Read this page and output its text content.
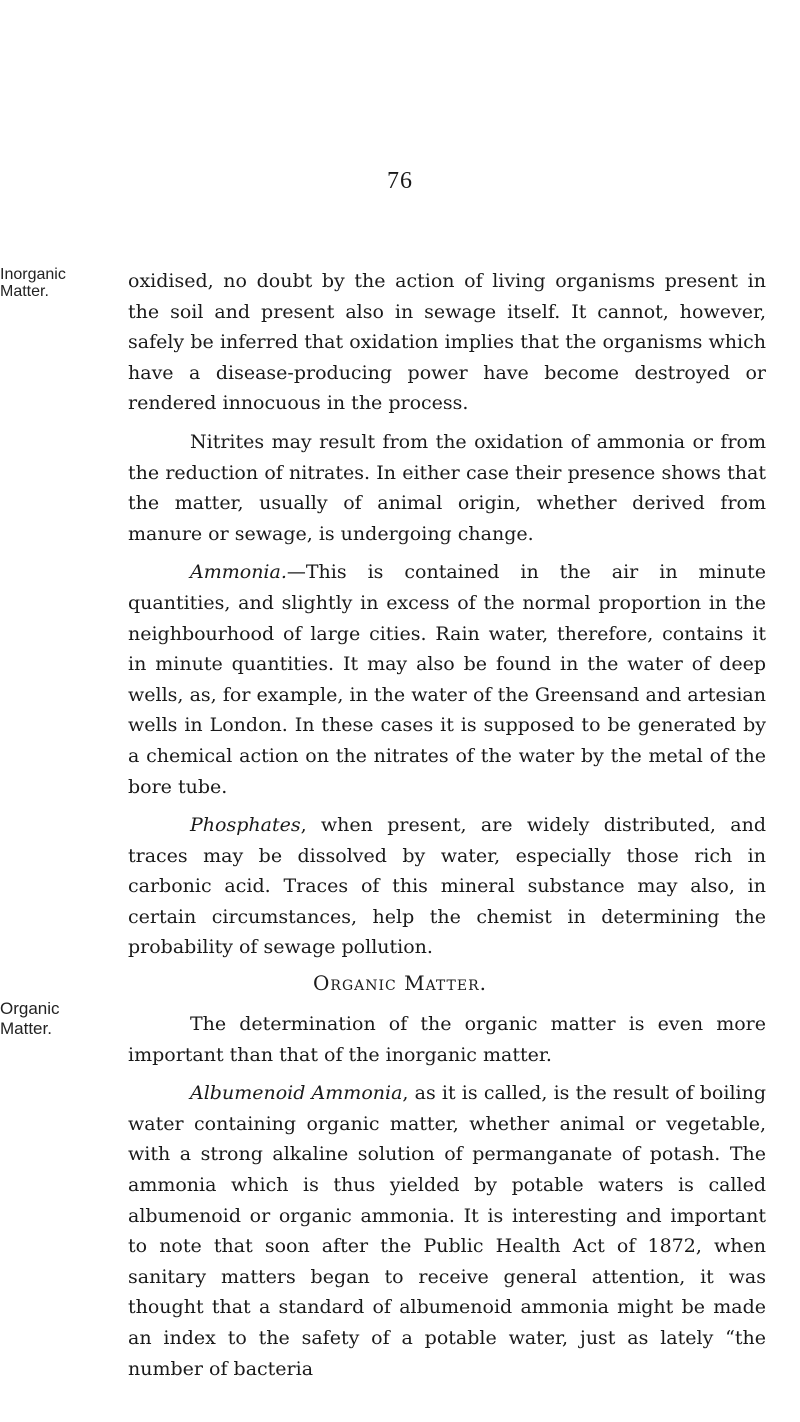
76
Inorganic Matter.	oxidised, no doubt by the action of living organisms present in the soil and present also in sewage itself. It cannot, however, safely be inferred that oxidation implies that the organisms which have a disease-producing power have become destroyed or rendered innocuous in the process.

Nitrites may result from the oxidation of ammonia or from the reduction of nitrates. In either case their presence shows that the matter, usually of animal origin, whether derived from manure or sewage, is undergoing change.

Ammonia.—This is contained in the air in minute quantities, and slightly in excess of the normal proportion in the neighbourhood of large cities. Rain water, therefore, contains it in minute quantities. It may also be found in the water of deep wells, as, for example, in the water of the Greensand and artesian wells in London. In these cases it is supposed to be generated by a chemical action on the nitrates of the water by the metal of the bore tube.

Phosphates, when present, are widely distributed, and traces may be dissolved by water, especially those rich in carbonic acid. Traces of this mineral substance may also, in certain circumstances, help the chemist in determining the probability of sewage pollution.

Organic Matter.
Organic Matter.	The determination of the organic matter is even more important than that of the inorganic matter.

Albumenoid Ammonia, as it is called, is the result of boiling water containing organic matter, whether animal or vegetable, with a strong alkaline solution of permanganate of potash. The ammonia which is thus yielded by potable waters is called albumenoid or organic ammonia. It is interesting and important to note that soon after the Public Health Act of 1872, when sanitary matters began to receive general attention, it was thought that a standard of albumenoid ammonia might be made an index to the safety of a potable water, just as lately “the number of bacteria
